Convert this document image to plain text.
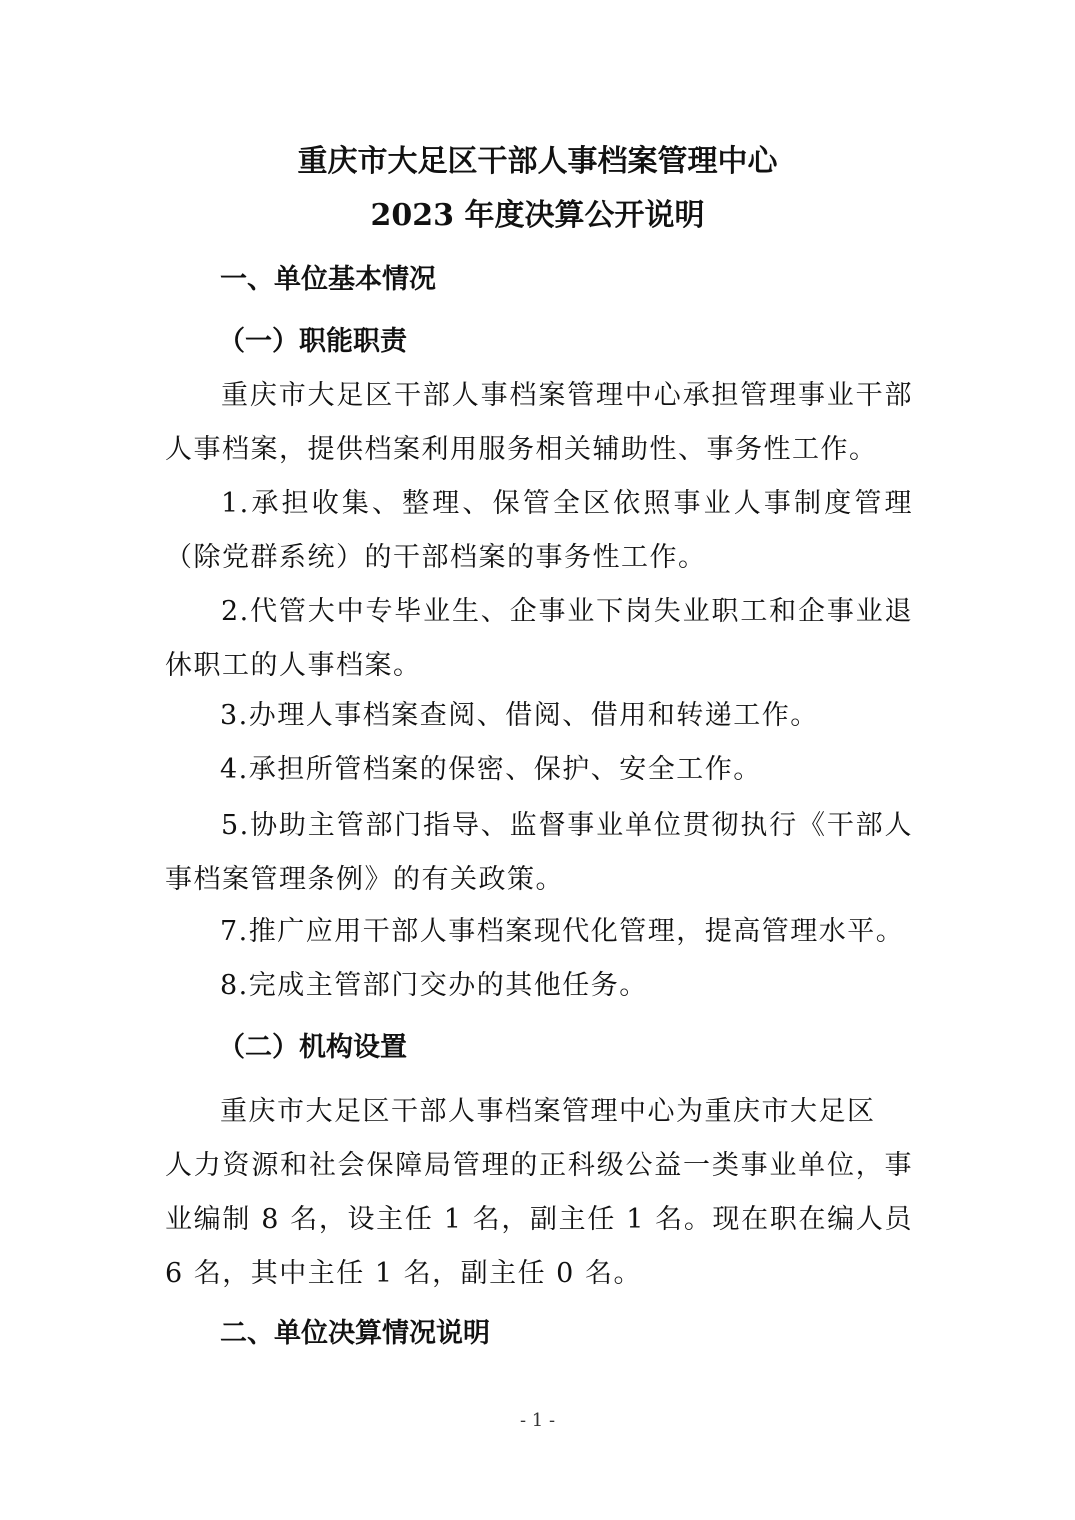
重庆市大足区干部人事档案管理中心
2023 年度决算公开说明
一、单位基本情况
（一）职能职责
重庆市大足区干部人事档案管理中心承担管理事业干部人事档案，提供档案利用服务相关辅助性、事务性工作。
1.承担收集、整理、保管全区依照事业人事制度管理（除党群系统）的干部档案的事务性工作。
2.代管大中专毕业生、企事业下岗失业职工和企事业退休职工的人事档案。
3.办理人事档案查阅、借阅、借用和转递工作。
4.承担所管档案的保密、保护、安全工作。
5.协助主管部门指导、监督事业单位贯彻执行《干部人事档案管理条例》的有关政策。
7.推广应用干部人事档案现代化管理，提高管理水平。
8.完成主管部门交办的其他任务。
（二）机构设置
重庆市大足区干部人事档案管理中心为重庆市大足区
人力资源和社会保障局管理的正科级公益一类事业单位，事业编制 8 名，设主任 1 名，副主任 1 名。现在职在编人员 6 名，其中主任 1 名，副主任 0 名。
二、单位决算情况说明
- 1 -
